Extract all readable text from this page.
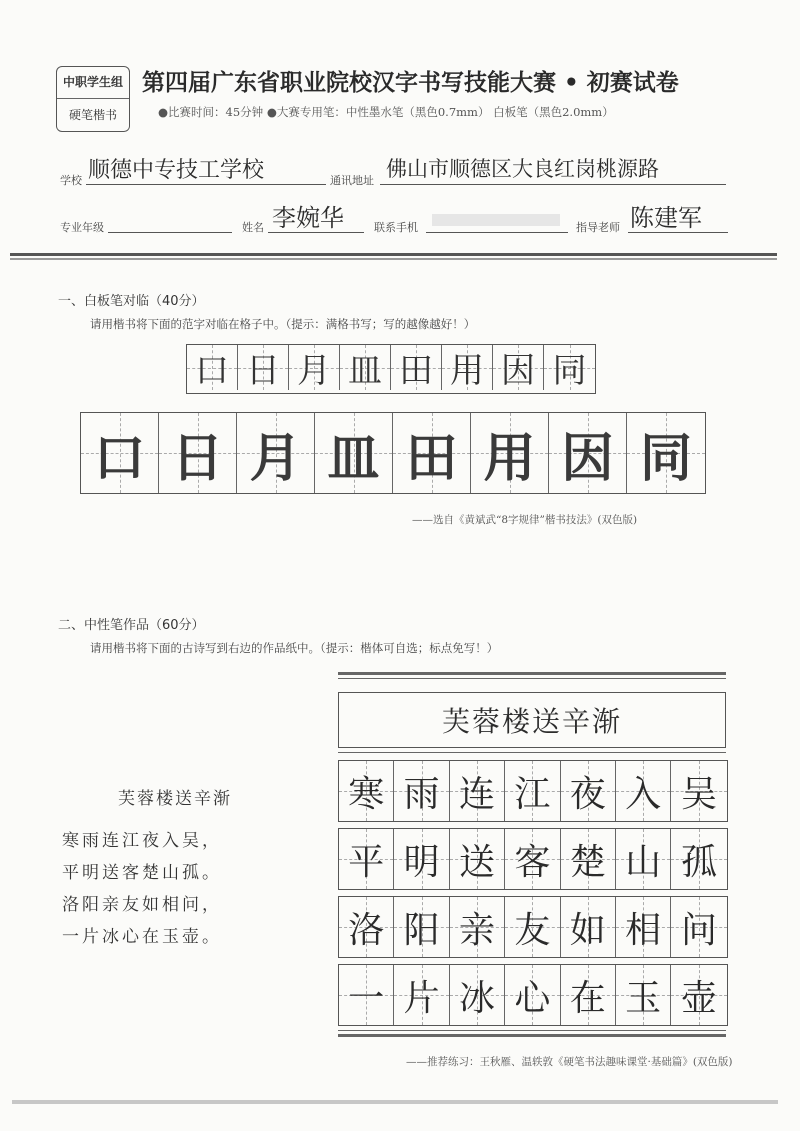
中职学生组
硬笔楷书
第四届广东省职业院校汉字书写技能大赛 • 初赛试卷
●比赛时间：45分钟 ●大赛专用笔：中性墨水笔（黑色0.7mm） 白板笔（黑色2.0mm）
学校 顺德中专技工学校	通讯地址 佛山市顺德区大良红岗桃源路
专业年级	姓名 李婉华	联系手机	指导老师 陈建军
一、白板笔对临（40分）
请用楷书将下面的范字对临在格子中。（提示：满格书写；写的越像越好！）
口 日 月 皿 田 用 因 同
口 日 月 皿 田 用 因 同
——选自《黄斌武“8字规律”楷书技法》(双色版)
二、中性笔作品（60分）
请用楷书将下面的古诗写到右边的作品纸中。（提示：楷体可自选；标点免写！）
芙蓉楼送辛渐
寒雨连江夜入吴，
平明送客楚山孤。
洛阳亲友如相问，
一片冰心在玉壶。
芙蓉楼送辛渐
寒 雨 连 江 夜 入 吴
平 明 送 客 楚 山 孤
洛 阳 亲 友 如 相 问
一 片 冰 心 在 玉 壶
——推荐练习：王秋雁、温轶敦《硬笔书法趣味课堂·基础篇》(双色版)
